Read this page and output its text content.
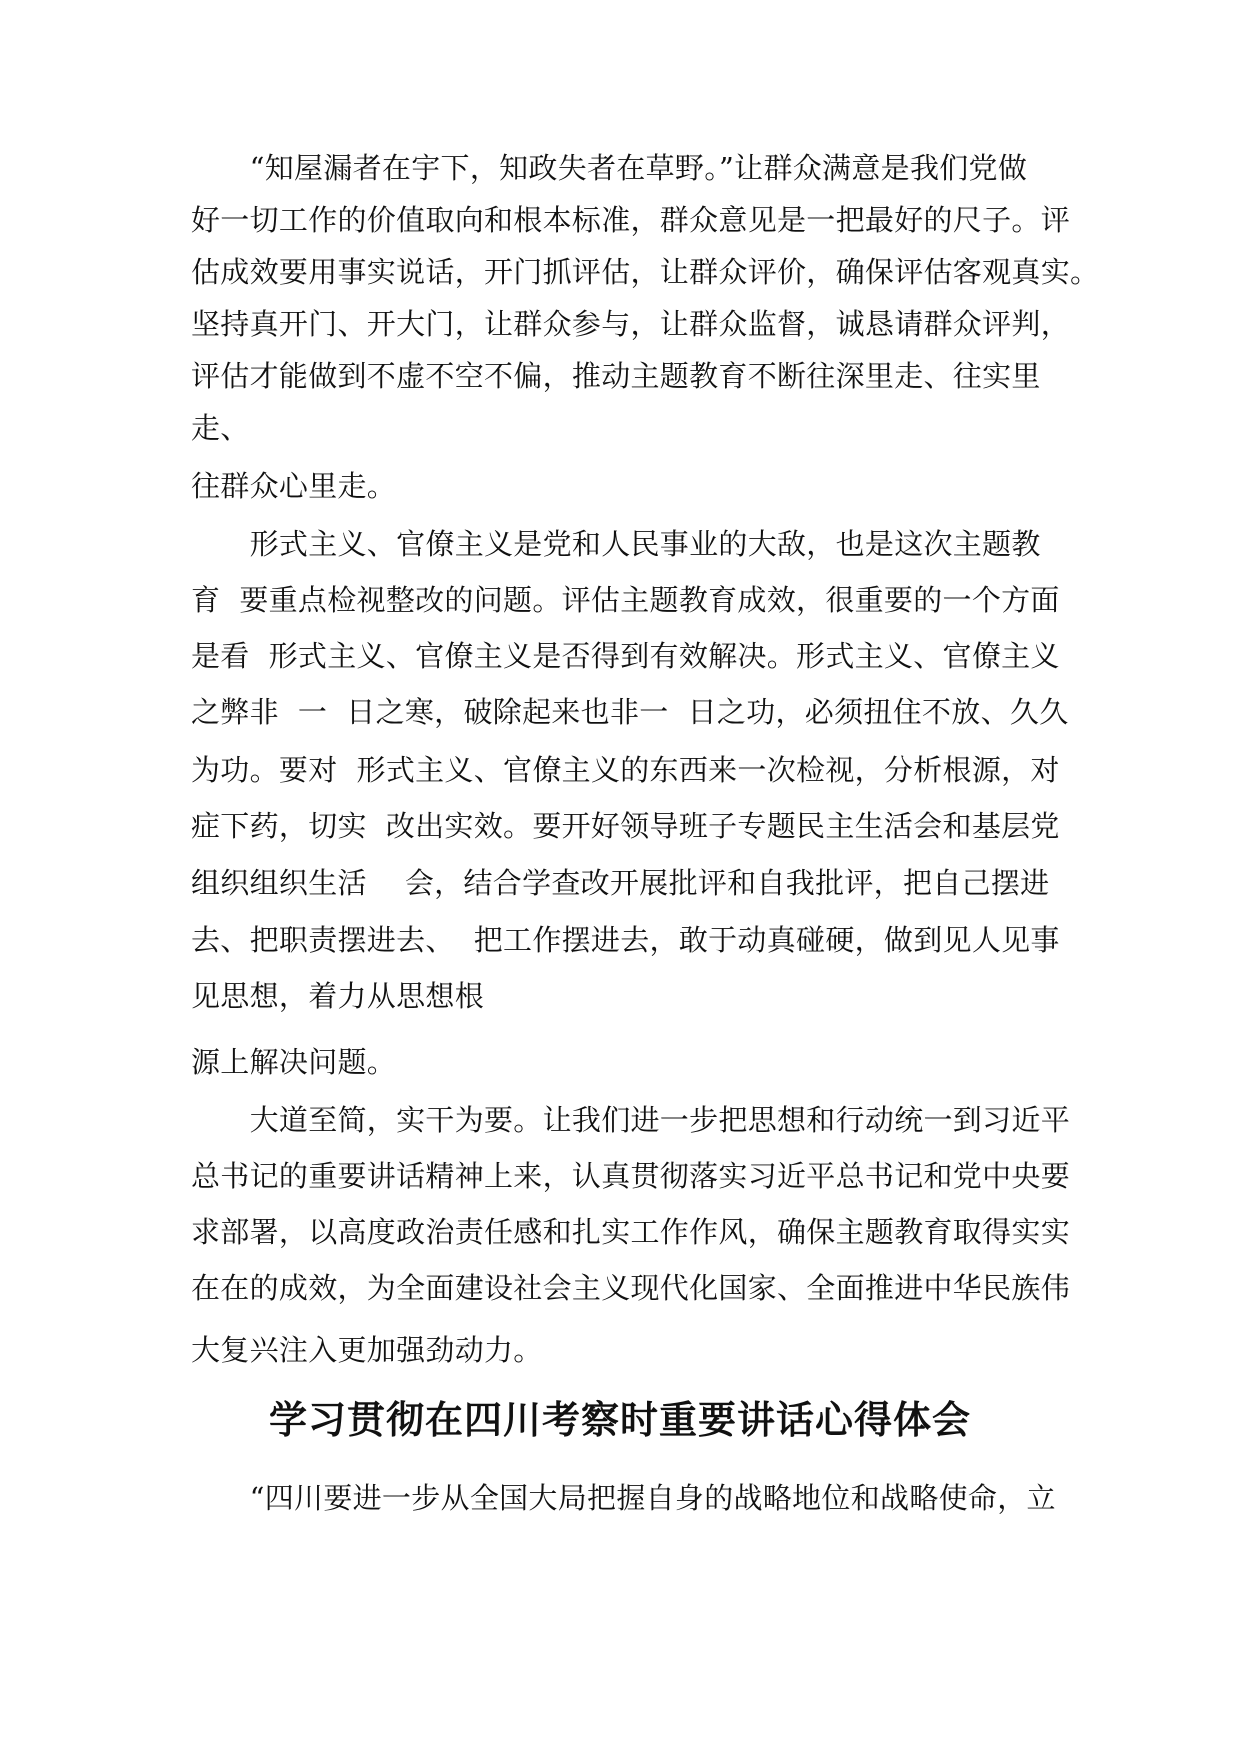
　　“知屋漏者在宇下，知政失者在草野。”让群众满意是我们党做

好一切工作的价值取向和根本标准，群众意见是一把最好的尺子。评

估成效要用事实说话，开门抓评估，让群众评价，确保评估客观真实。

坚持真开门、开大门，让群众参与，让群众监督，诚恳请群众评判，

评估才能做到不虚不空不偏，推动主题教育不断往深里走、往实里

走、

往群众心里走。

　　形式主义、官僚主义是党和人民事业的大敌，也是这次主题教

育  要重点检视整改的问题。评估主题教育成效，很重要的一个方面

是看  形式主义、官僚主义是否得到有效解决。形式主义、官僚主义

之弊非  一  日之寒，破除起来也非一  日之功，必须扭住不放、久久

为功。要对  形式主义、官僚主义的东西来一次检视，分析根源，对

症下药，切实  改出实效。要开好领导班子专题民主生活会和基层党

组织组织生活    会，结合学查改开展批评和自我批评，把自己摆进

去、把职责摆进去、  把工作摆进去，敢于动真碰硬，做到见人见事

见思想，着力从思想根

源上解决问题。

　　大道至简，实干为要。让我们进一步把思想和行动统一到习近平

总书记的重要讲话精神上来，认真贯彻落实习近平总书记和党中央要

求部署，以高度政治责任感和扎实工作作风，确保主题教育取得实实

在在的成效，为全面建设社会主义现代化国家、全面推进中华民族伟

大复兴注入更加强劲动力。

学习贯彻在四川考察时重要讲话心得体会

　　“四川要进一步从全国大局把握自身的战略地位和战略使命，立
